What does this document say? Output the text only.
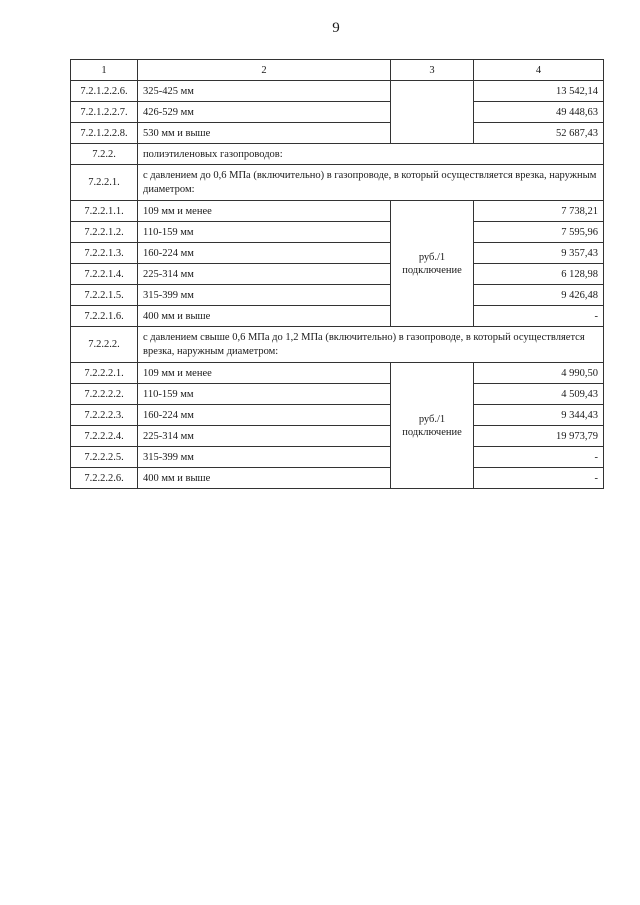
9
1	2	3	4
7.2.1.2.2.6.	325-425 мм		13 542,14
7.2.1.2.2.7.	426-529 мм		49 448,63
7.2.1.2.2.8.	530 мм и выше		52 687,43
7.2.2.	полиэтиленовых газопроводов:		
7.2.2.1.	с давлением до 0,6 МПа (включительно) в газопроводе, в который осуществляется врезка, наружным диаметром:		
7.2.2.1.1.	109 мм и менее	руб./1 подключение	7 738,21
7.2.2.1.2.	110-159 мм		7 595,96
7.2.2.1.3.	160-224 мм		9 357,43
7.2.2.1.4.	225-314 мм		6 128,98
7.2.2.1.5.	315-399 мм		9 426,48
7.2.2.1.6.	400 мм и выше		-
7.2.2.2.	с давлением свыше 0,6 МПа до 1,2 МПа (включительно) в газопроводе, в который осуществляется врезка, наружным диаметром:		
7.2.2.2.1.	109 мм и менее	руб./1 подключение	4 990,50
7.2.2.2.2.	110-159 мм		4 509,43
7.2.2.2.3.	160-224 мм		9 344,43
7.2.2.2.4.	225-314 мм		19 973,79
7.2.2.2.5.	315-399 мм		-
7.2.2.2.6.	400 мм и выше		-
